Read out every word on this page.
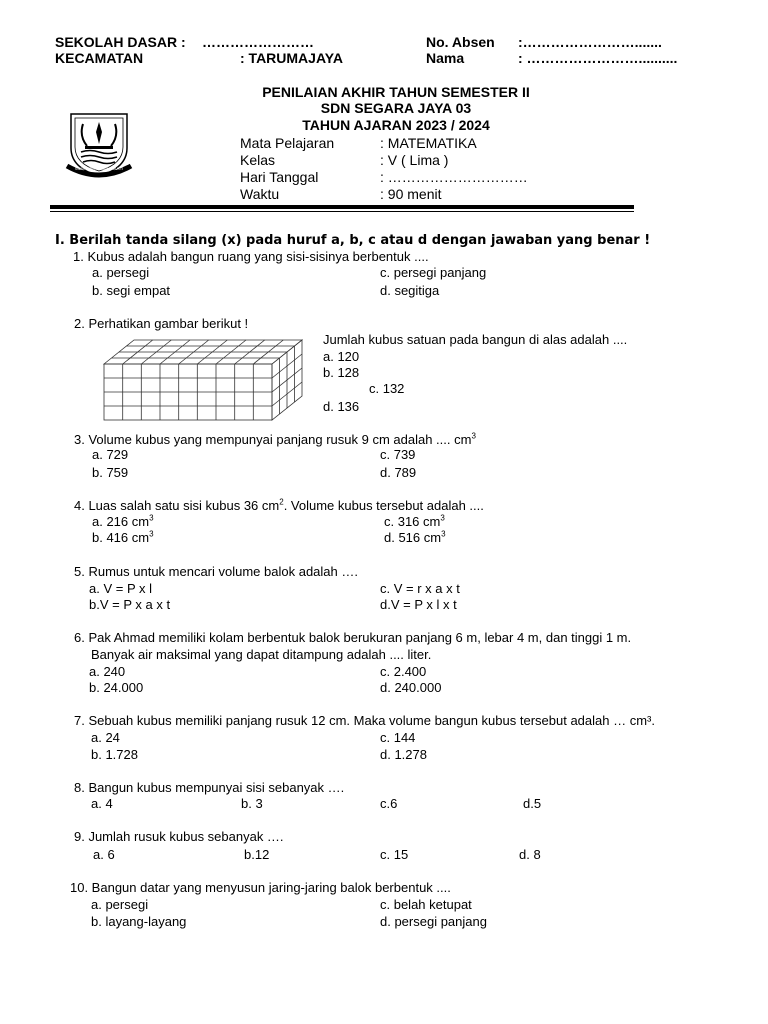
SEKOLAH DASAR : ……………………
KECAMATAN	: TARUMAJAYA
No. Absen :…………………….......
Nama	: ……………………..........
PENILAIAN AKHIR TAHUN SEMESTER II
SDN SEGARA JAYA 03
TAHUN AJARAN 2023 / 2024
SWATANTRA WIBAWA MUKTI
Mata Pelajaran	: MATEMATIKA
Kelas	: V ( Lima )
Hari Tanggal	: …………………………
Waktu	: 90 menit
I. Berilah tanda silang (x) pada huruf a, b, c atau d dengan jawaban yang benar !
1. Kubus adalah bangun ruang yang sisi-sisinya berbentuk ....
a. persegi	c. persegi panjang
b. segi empat	d. segitiga
2. Perhatikan gambar berikut !
Jumlah kubus satuan pada bangun di alas adalah ....
a. 120
b. 128
c. 132
d. 136
3. Volume kubus yang mempunyai panjang rusuk 9 cm adalah .... $cm^3$
a. 729	c. 739
b. 759	d. 789
4. Luas salah satu sisi kubus 36 $cm^2$. Volume kubus tersebut adalah ....
a. 216 $cm^3$	c. 316 $cm^3$
b. 416 $cm^3$	d. 516 $cm^3$
5. Rumus untuk mencari volume balok adalah ….
a. V = P x l	c. V = r x a x t
b.V = P x a x t	d.V = P x l x t
6. Pak Ahmad memiliki kolam berbentuk balok berukuran panjang 6 m, lebar 4 m, dan tinggi 1 m.
Banyak air maksimal yang dapat ditampung adalah .... liter.
a. 240	c. 2.400
b. 24.000	d. 240.000
7. Sebuah kubus memiliki panjang rusuk 12 cm. Maka volume bangun kubus tersebut adalah … cm³.
a. 24	c. 144
b. 1.728	d. 1.278
8. Bangun kubus mempunyai sisi sebanyak ….
a. 4	b. 3	c.6	d.5
9. Jumlah rusuk kubus sebanyak ….
a. 6	b.12	c. 15	d. 8
10. Bangun datar yang menyusun jaring-jaring balok berbentuk ....
a. persegi	c. belah ketupat
b. layang-layang	d. persegi panjang
